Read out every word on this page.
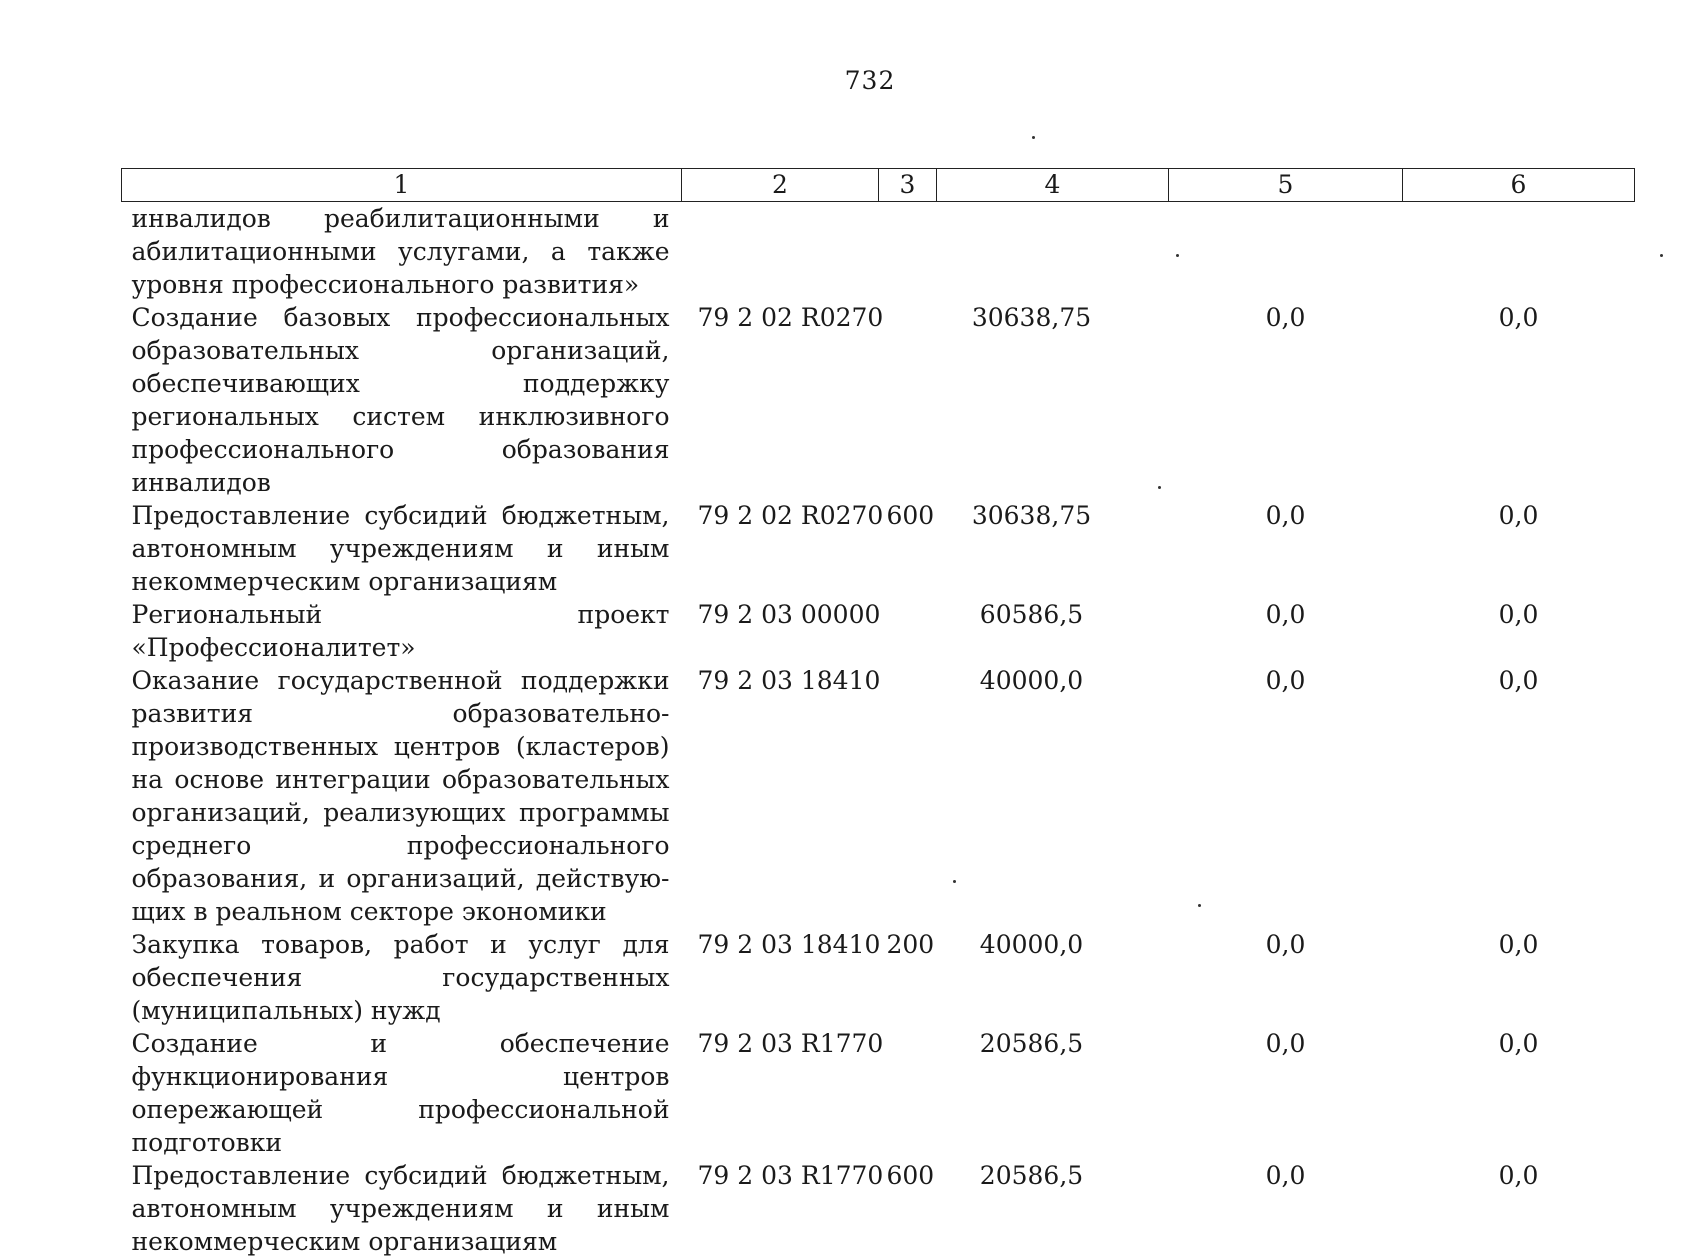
732
1	2	3	4	5	6
инвалидов реабилитационными и абилитационными услугами, а также уровня профессионального развития»					
Создание базовых профессиональных образовательных организаций, обеспечивающих поддержку региональных систем инклюзивного профессионального образования инвалидов	79 2 02 R0270		30638,75	0,0	0,0
Предоставление субсидий бюджетным, автономным учреждениям и иным некоммерческим организациям	79 2 02 R0270	600	30638,75	0,0	0,0
Региональный проект «Профессионалитет»	79 2 03 00000		60586,5	0,0	0,0
Оказание государственной поддержки развития образовательно-производственных центров (кластеров) на основе интеграции образовательных организаций, реализующих программы среднего профессионального образования, и организаций, действующих в реальном секторе экономики	79 2 03 18410		40000,0	0,0	0,0
Закупка товаров, работ и услуг для обеспечения государственных (муниципальных) нужд	79 2 03 18410	200	40000,0	0,0	0,0
Создание и обеспечение функционирования центров опережающей профессиональной подготовки	79 2 03 R1770		20586,5	0,0	0,0
Предоставление субсидий бюджетным, автономным учреждениям и иным некоммерческим организациям	79 2 03 R1770	600	20586,5	0,0	0,0
